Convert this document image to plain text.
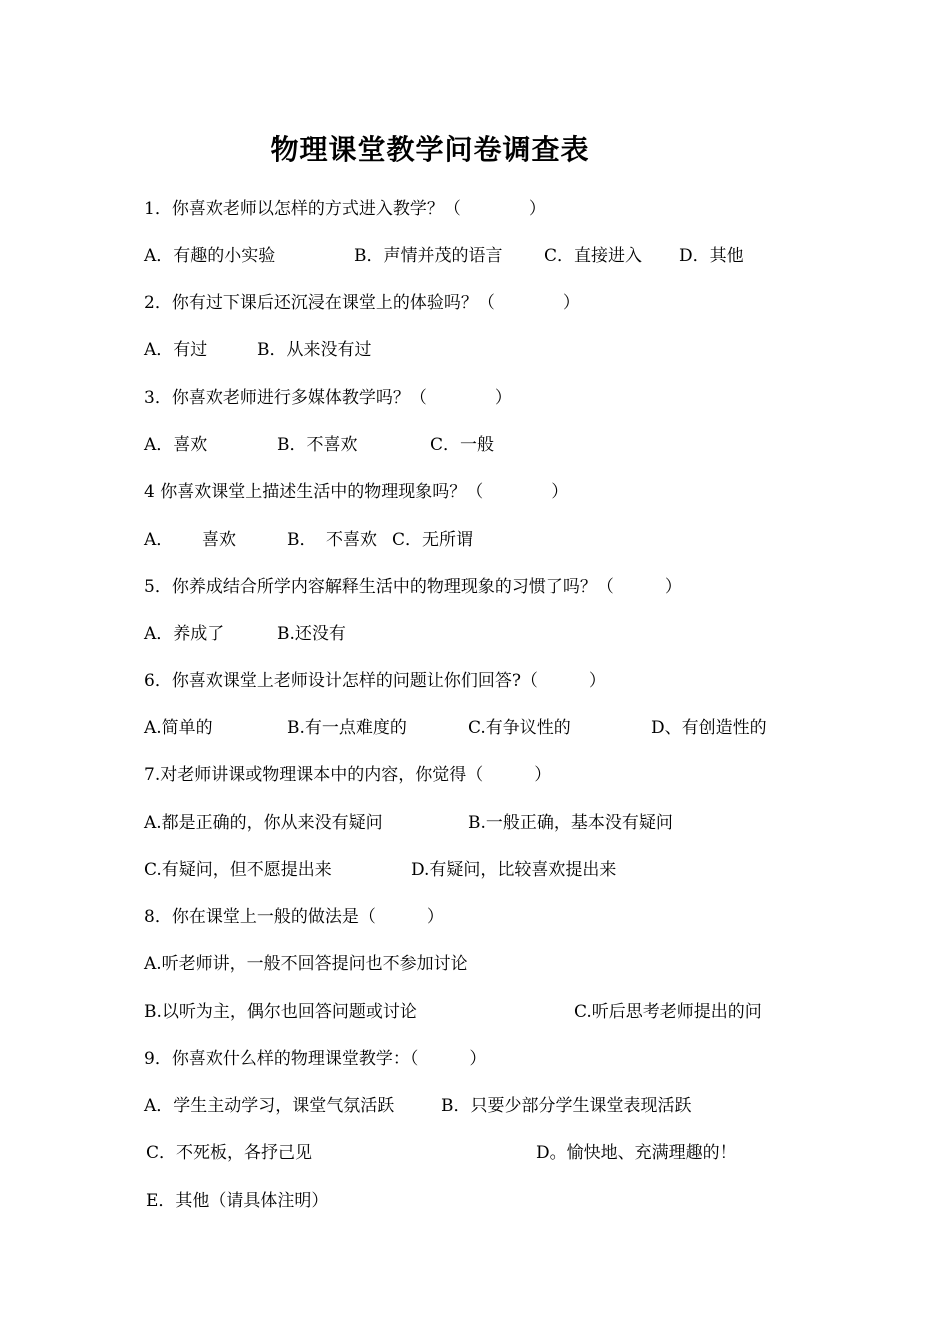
物理课堂教学问卷调查表
1．你喜欢老师以怎样的方式进入教学？（　　　　）
A．有趣的小实验	B．声情并茂的语言 C．直接进入 D．其他
2．你有过下课后还沉浸在课堂上的体验吗？（　　　　）
A．有过	B．从来没有过
3．你喜欢老师进行多媒体教学吗？（　　　　）
A．喜欢	B．不喜欢	C．一般
4 你喜欢课堂上描述生活中的物理现象吗？（　　　　）
A． 喜欢	B． 不喜欢 C．无所谓
5．你养成结合所学内容解释生活中的物理现象的习惯了吗？（　　　）
A．养成了	B.还没有
6．你喜欢课堂上老师设计怎样的问题让你们回答?（　　　）
A.简单的	B.有一点难度的	C.有争议性的	D、有创造性的
7.对老师讲课或物理课本中的内容，你觉得（　　　）
A.都是正确的，你从来没有疑问	B.一般正确，基本没有疑问
C.有疑问，但不愿提出来	D.有疑问，比较喜欢提出来
8．你在课堂上一般的做法是（　　　）
A.听老师讲，一般不回答提问也不参加讨论
B.以听为主，偶尔也回答问题或讨论	C.听后思考老师提出的问
9．你喜欢什么样的物理课堂教学：（　　　）
A．学生主动学习，课堂气氛活跃	B．只要少部分学生课堂表现活跃
C．不死板，各抒己见	D。愉快地、充满理趣的！
E．其他（请具体注明）
